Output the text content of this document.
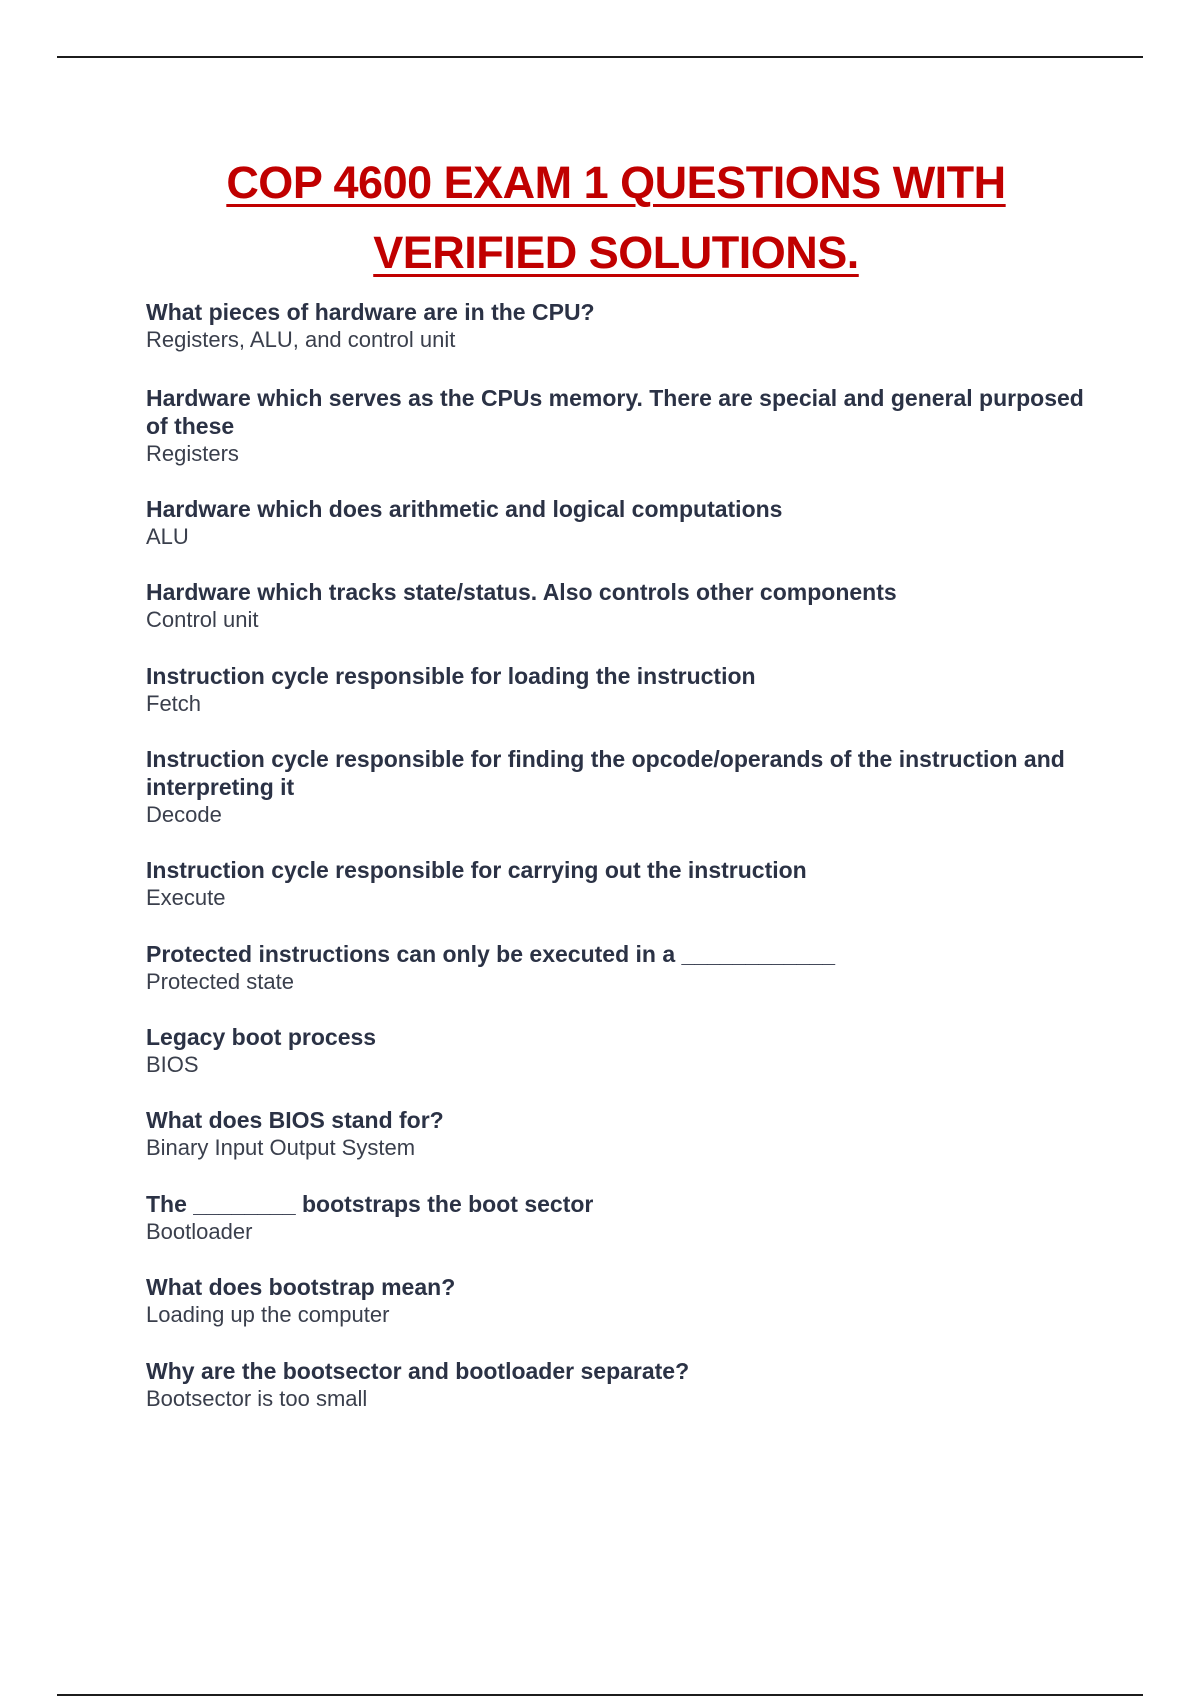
COP 4600 EXAM 1 QUESTIONS WITH
VERIFIED SOLUTIONS.
What pieces of hardware are in the CPU?
Registers, ALU, and control unit
Hardware which serves as the CPUs memory. There are special and general purposed of these
Registers
Hardware which does arithmetic and logical computations
ALU
Hardware which tracks state/status. Also controls other components
Control unit
Instruction cycle responsible for loading the instruction
Fetch
Instruction cycle responsible for finding the opcode/operands of the instruction and interpreting it
Decode
Instruction cycle responsible for carrying out the instruction
Execute
Protected instructions can only be executed in a ____________
Protected state
Legacy boot process
BIOS
What does BIOS stand for?
Binary Input Output System
The ________ bootstraps the boot sector
Bootloader
What does bootstrap mean?
Loading up the computer
Why are the bootsector and bootloader separate?
Bootsector is too small
